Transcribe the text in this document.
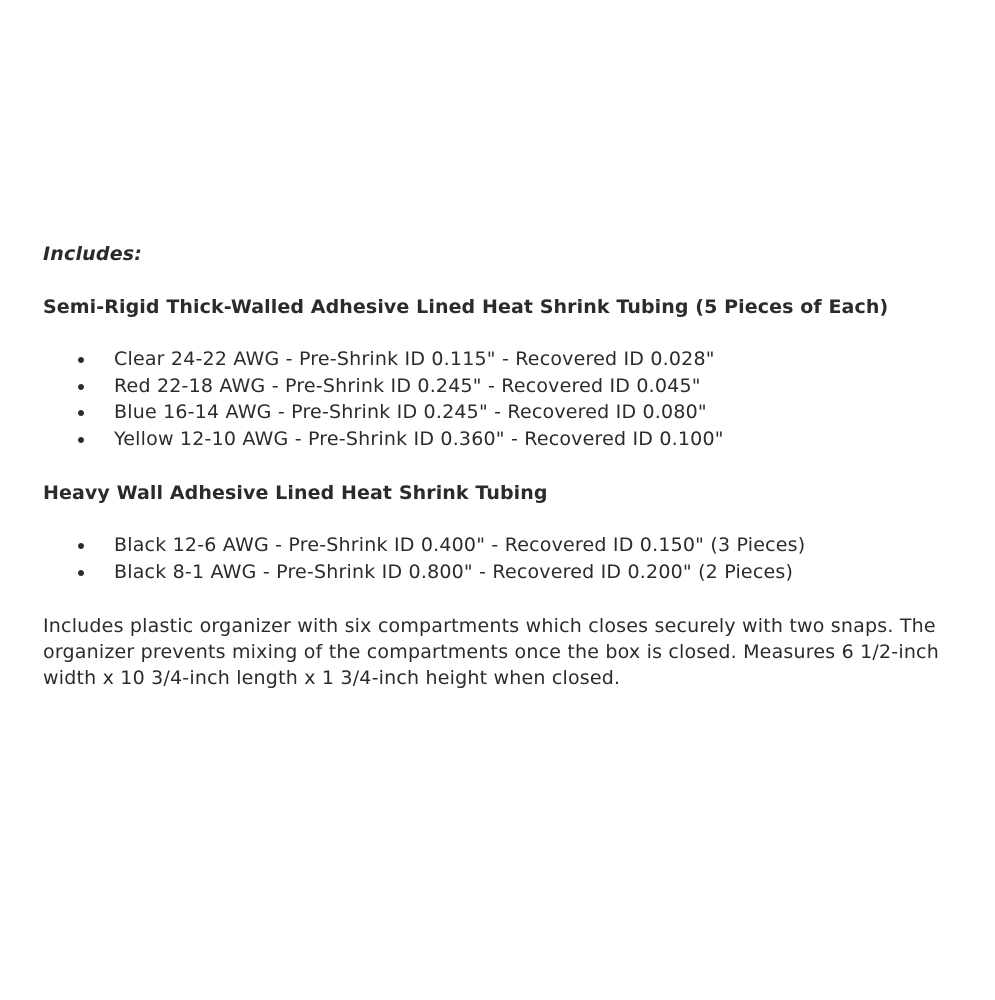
Includes:

Semi-Rigid Thick-Walled Adhesive Lined Heat Shrink Tubing (5 Pieces of Each)

Clear 24-22 AWG - Pre-Shrink ID 0.115" - Recovered ID 0.028"
Red 22-18 AWG - Pre-Shrink ID 0.245" - Recovered ID 0.045"
Blue 16-14 AWG - Pre-Shrink ID 0.245" - Recovered ID 0.080"
Yellow 12-10 AWG - Pre-Shrink ID 0.360" - Recovered ID 0.100"

Heavy Wall Adhesive Lined Heat Shrink Tubing

Black 12-6 AWG - Pre-Shrink ID 0.400" - Recovered ID 0.150" (3 Pieces)
Black 8-1 AWG - Pre-Shrink ID 0.800" - Recovered ID 0.200" (2 Pieces)

Includes plastic organizer with six compartments which closes securely with two snaps. The organizer prevents mixing of the compartments once the box is closed. Measures 6 1/2-inch width x 10 3/4-inch length x 1 3/4-inch height when closed.
